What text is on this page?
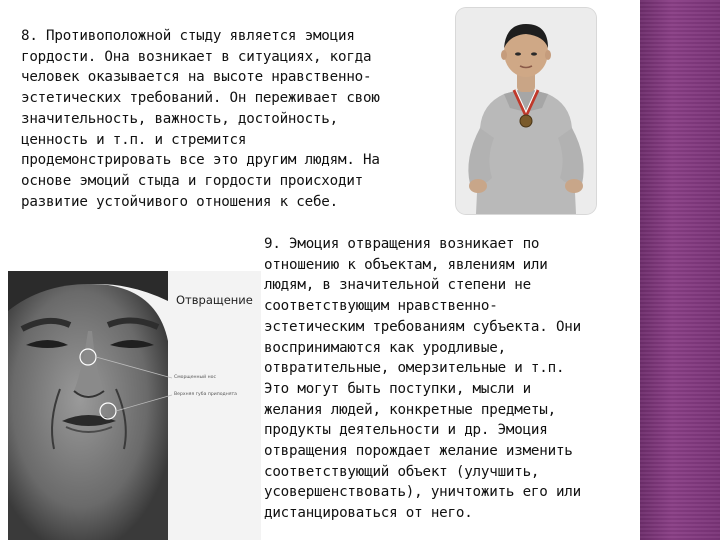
8. Противоположной стыду является эмоция
гордости. Она возникает в ситуациях, когда
человек оказывается на высоте нравственно-
эстетических требований. Он переживает свою
значительность, важность, достойность,
ценность и т.п. и стремится
продемонстрировать все это другим людям. На
основе эмоций стыда и гордости происходит
развитие устойчивого отношения к себе.
Отвращение
Сморщенный нос
Верхняя губа приподнята
9. Эмоция отвращения возникает по
отношению к объектам, явлениям или
людям, в значительной степени не
соответствующим нравственно-
эстетическим требованиям субъекта. Они
воспринимаются как уродливые,
отвратительные, омерзительные и т.п.
Это могут быть поступки, мысли и
желания людей, конкретные предметы,
продукты деятельности и др. Эмоция
отвращения порождает желание изменить
соответствующий объект (улучшить,
усовершенствовать), уничтожить его или
дистанцироваться от него.
